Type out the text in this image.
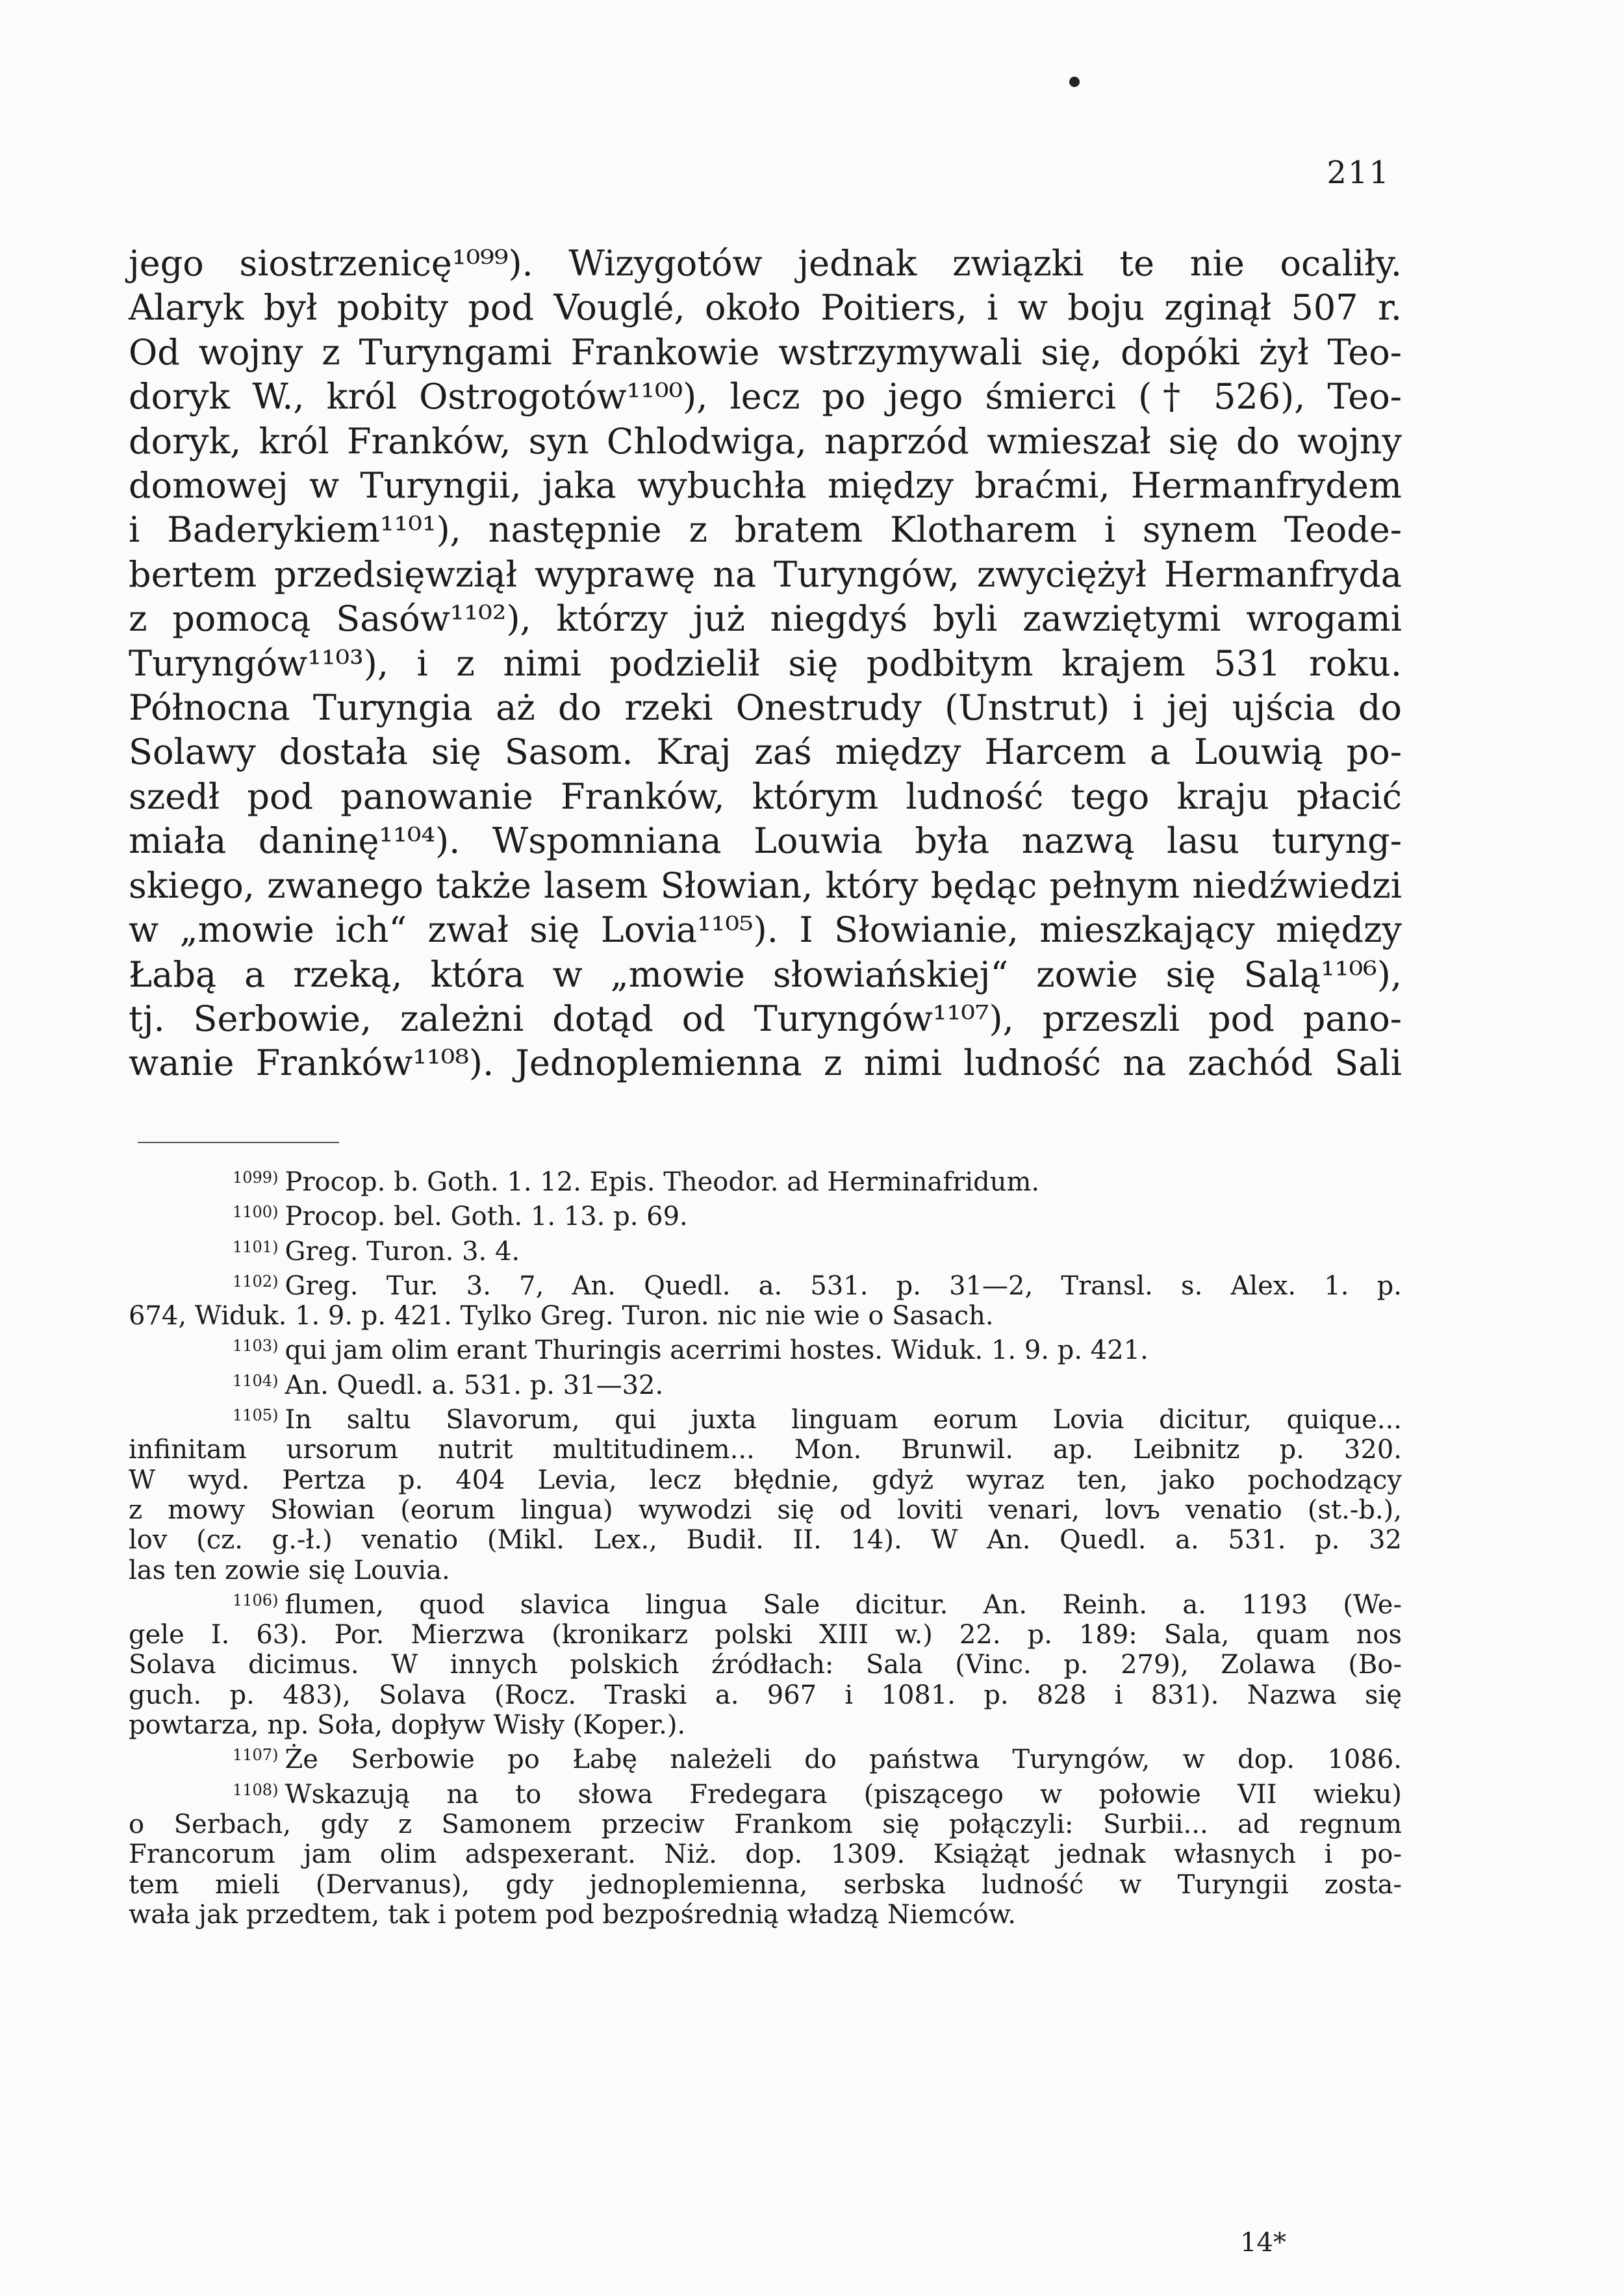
211
jego siostrzenicę¹⁰⁹⁹). Wizygotów jednak związki te nie ocaliły.
Alaryk był pobity pod Vouglé, około Poitiers, i w boju zginął 507 r.
Od wojny z Turyngami Frankowie wstrzymywali się, dopóki żył Teo-
doryk W., król Ostrogotów¹¹⁰⁰), lecz po jego śmierci († 526), Teo-
doryk, król Franków, syn Chlodwiga, naprzód wmieszał się do wojny
domowej w Turyngii, jaka wybuchła między braćmi, Hermanfrydem
i Baderykiem¹¹⁰¹), następnie z bratem Klotharem i synem Teode-
bertem przedsięwziął wyprawę na Turyngów, zwyciężył Hermanfryda
z pomocą Sasów¹¹⁰²), którzy już niegdyś byli zawziętymi wrogami
Turyngów¹¹⁰³), i z nimi podzielił się podbitym krajem 531 roku.
Północna Turyngia aż do rzeki Onestrudy (Unstrut) i jej ujścia do
Solawy dostała się Sasom. Kraj zaś między Harcem a Louwią po-
szedł pod panowanie Franków, którym ludność tego kraju płacić
miała daninę¹¹⁰⁴). Wspomniana Louwia była nazwą lasu turyng-
skiego, zwanego także lasem Słowian, który będąc pełnym niedźwiedzi
w „mowie ich“ zwał się Lovia¹¹⁰⁵). I Słowianie, mieszkający między
Łabą a rzeką, która w „mowie słowiańskiej“ zowie się Salą¹¹⁰⁶),
tj. Serbowie, zależni dotąd od Turyngów¹¹⁰⁷), przeszli pod pano-
wanie Franków¹¹⁰⁸). Jednoplemienna z nimi ludność na zachód Sali
$^{1099)}$ Procop. b. Goth. 1. 12. Epis. Theodor. ad Herminafridum.
$^{1100)}$ Procop. bel. Goth. 1. 13. p. 69.
$^{1101)}$ Greg. Turon. 3. 4.
$^{1102)}$ Greg. Tur. 3. 7, An. Quedl. a. 531. p. 31—2, Transl. s. Alex. 1. p.
674, Widuk. 1. 9. p. 421. Tylko Greg. Turon. nic nie wie o Sasach.
$^{1103)}$ qui jam olim erant Thuringis acerrimi hostes. Widuk. 1. 9. p. 421.
$^{1104)}$ An. Quedl. a. 531. p. 31—32.
$^{1105)}$ In saltu Slavorum, qui juxta linguam eorum Lovia dicitur, quique...
infinitam ursorum nutrit multitudinem... Mon. Brunwil. ap. Leibnitz p. 320.
W wyd. Pertza p. 404 Levia, lecz błędnie, gdyż wyraz ten, jako pochodzący
z mowy Słowian (eorum lingua) wywodzi się od loviti venari, lovъ venatio (st.-b.),
lov (cz. g.-ł.) venatio (Mikl. Lex., Budił. II. 14). W An. Quedl. a. 531. p. 32
las ten zowie się Louvia.
$^{1106)}$ flumen, quod slavica lingua Sale dicitur. An. Reinh. a. 1193 (We-
gele I. 63). Por. Mierzwa (kronikarz polski XIII w.) 22. p. 189: Sala, quam nos
Solava dicimus. W innych polskich źródłach: Sala (Vinc. p. 279), Zolawa (Bo-
guch. p. 483), Solava (Rocz. Traski a. 967 i 1081. p. 828 i 831). Nazwa się
powtarza, np. Soła, dopływ Wisły (Koper.).
$^{1107)}$ Że Serbowie po Łabę należeli do państwa Turyngów, w dop. 1086.
$^{1108)}$ Wskazują na to słowa Fredegara (piszącego w połowie VII wieku)
o Serbach, gdy z Samonem przeciw Frankom się połączyli: Surbii... ad regnum
Francorum jam olim adspexerant. Niż. dop. 1309. Książąt jednak własnych i po-
tem mieli (Dervanus), gdy jednoplemienna, serbska ludność w Turyngii zosta-
wała jak przedtem, tak i potem pod bezpośrednią władzą Niemców.
14*
